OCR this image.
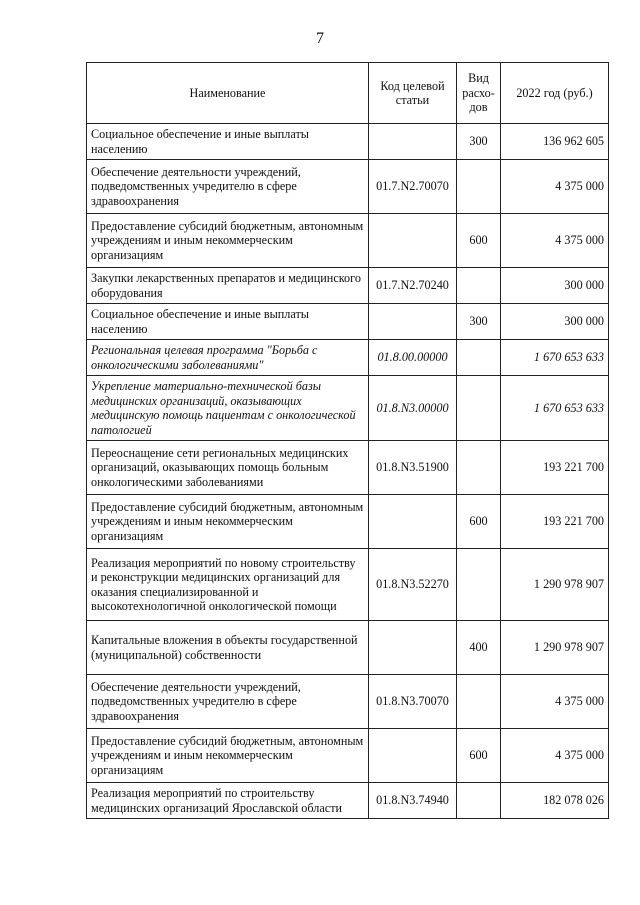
7
Наименование	Код целевой статьи	Вид расхо-дов	2022 год (руб.)
Социальное обеспечение и иные выплаты населению		300	136 962 605
Обеспечение деятельности учреждений, подведомственных учредителю в сфере здравоохранения	01.7.N2.70070		4 375 000
Предоставление субсидий бюджетным, автономным учреждениям и иным некоммерческим организациям		600	4 375 000
Закупки лекарственных препаратов и медицинского оборудования	01.7.N2.70240		300 000
Социальное обеспечение и иные выплаты населению		300	300 000
Региональная целевая программа "Борьба с онкологическими заболеваниями"	01.8.00.00000		1 670 653 633
Укрепление материально-технической базы медицинских организаций, оказывающих медицинскую помощь пациентам с онкологической патологией	01.8.N3.00000		1 670 653 633
Переоснащение сети региональных медицинских организаций, оказывающих помощь больным онкологическими заболеваниями	01.8.N3.51900		193 221 700
Предоставление субсидий бюджетным, автономным учреждениям и иным некоммерческим организациям		600	193 221 700
Реализация мероприятий по новому строительству и реконструкции медицинских организаций для оказания специализированной и высокотехнологичной онкологической помощи	01.8.N3.52270		1 290 978 907
Капитальные вложения в объекты государственной (муниципальной) собственности		400	1 290 978 907
Обеспечение деятельности учреждений, подведомственных учредителю в сфере здравоохранения	01.8.N3.70070		4 375 000
Предоставление субсидий бюджетным, автономным учреждениям и иным некоммерческим организациям		600	4 375 000
Реализация мероприятий по строительству медицинских организаций Ярославской области	01.8.N3.74940		182 078 026
